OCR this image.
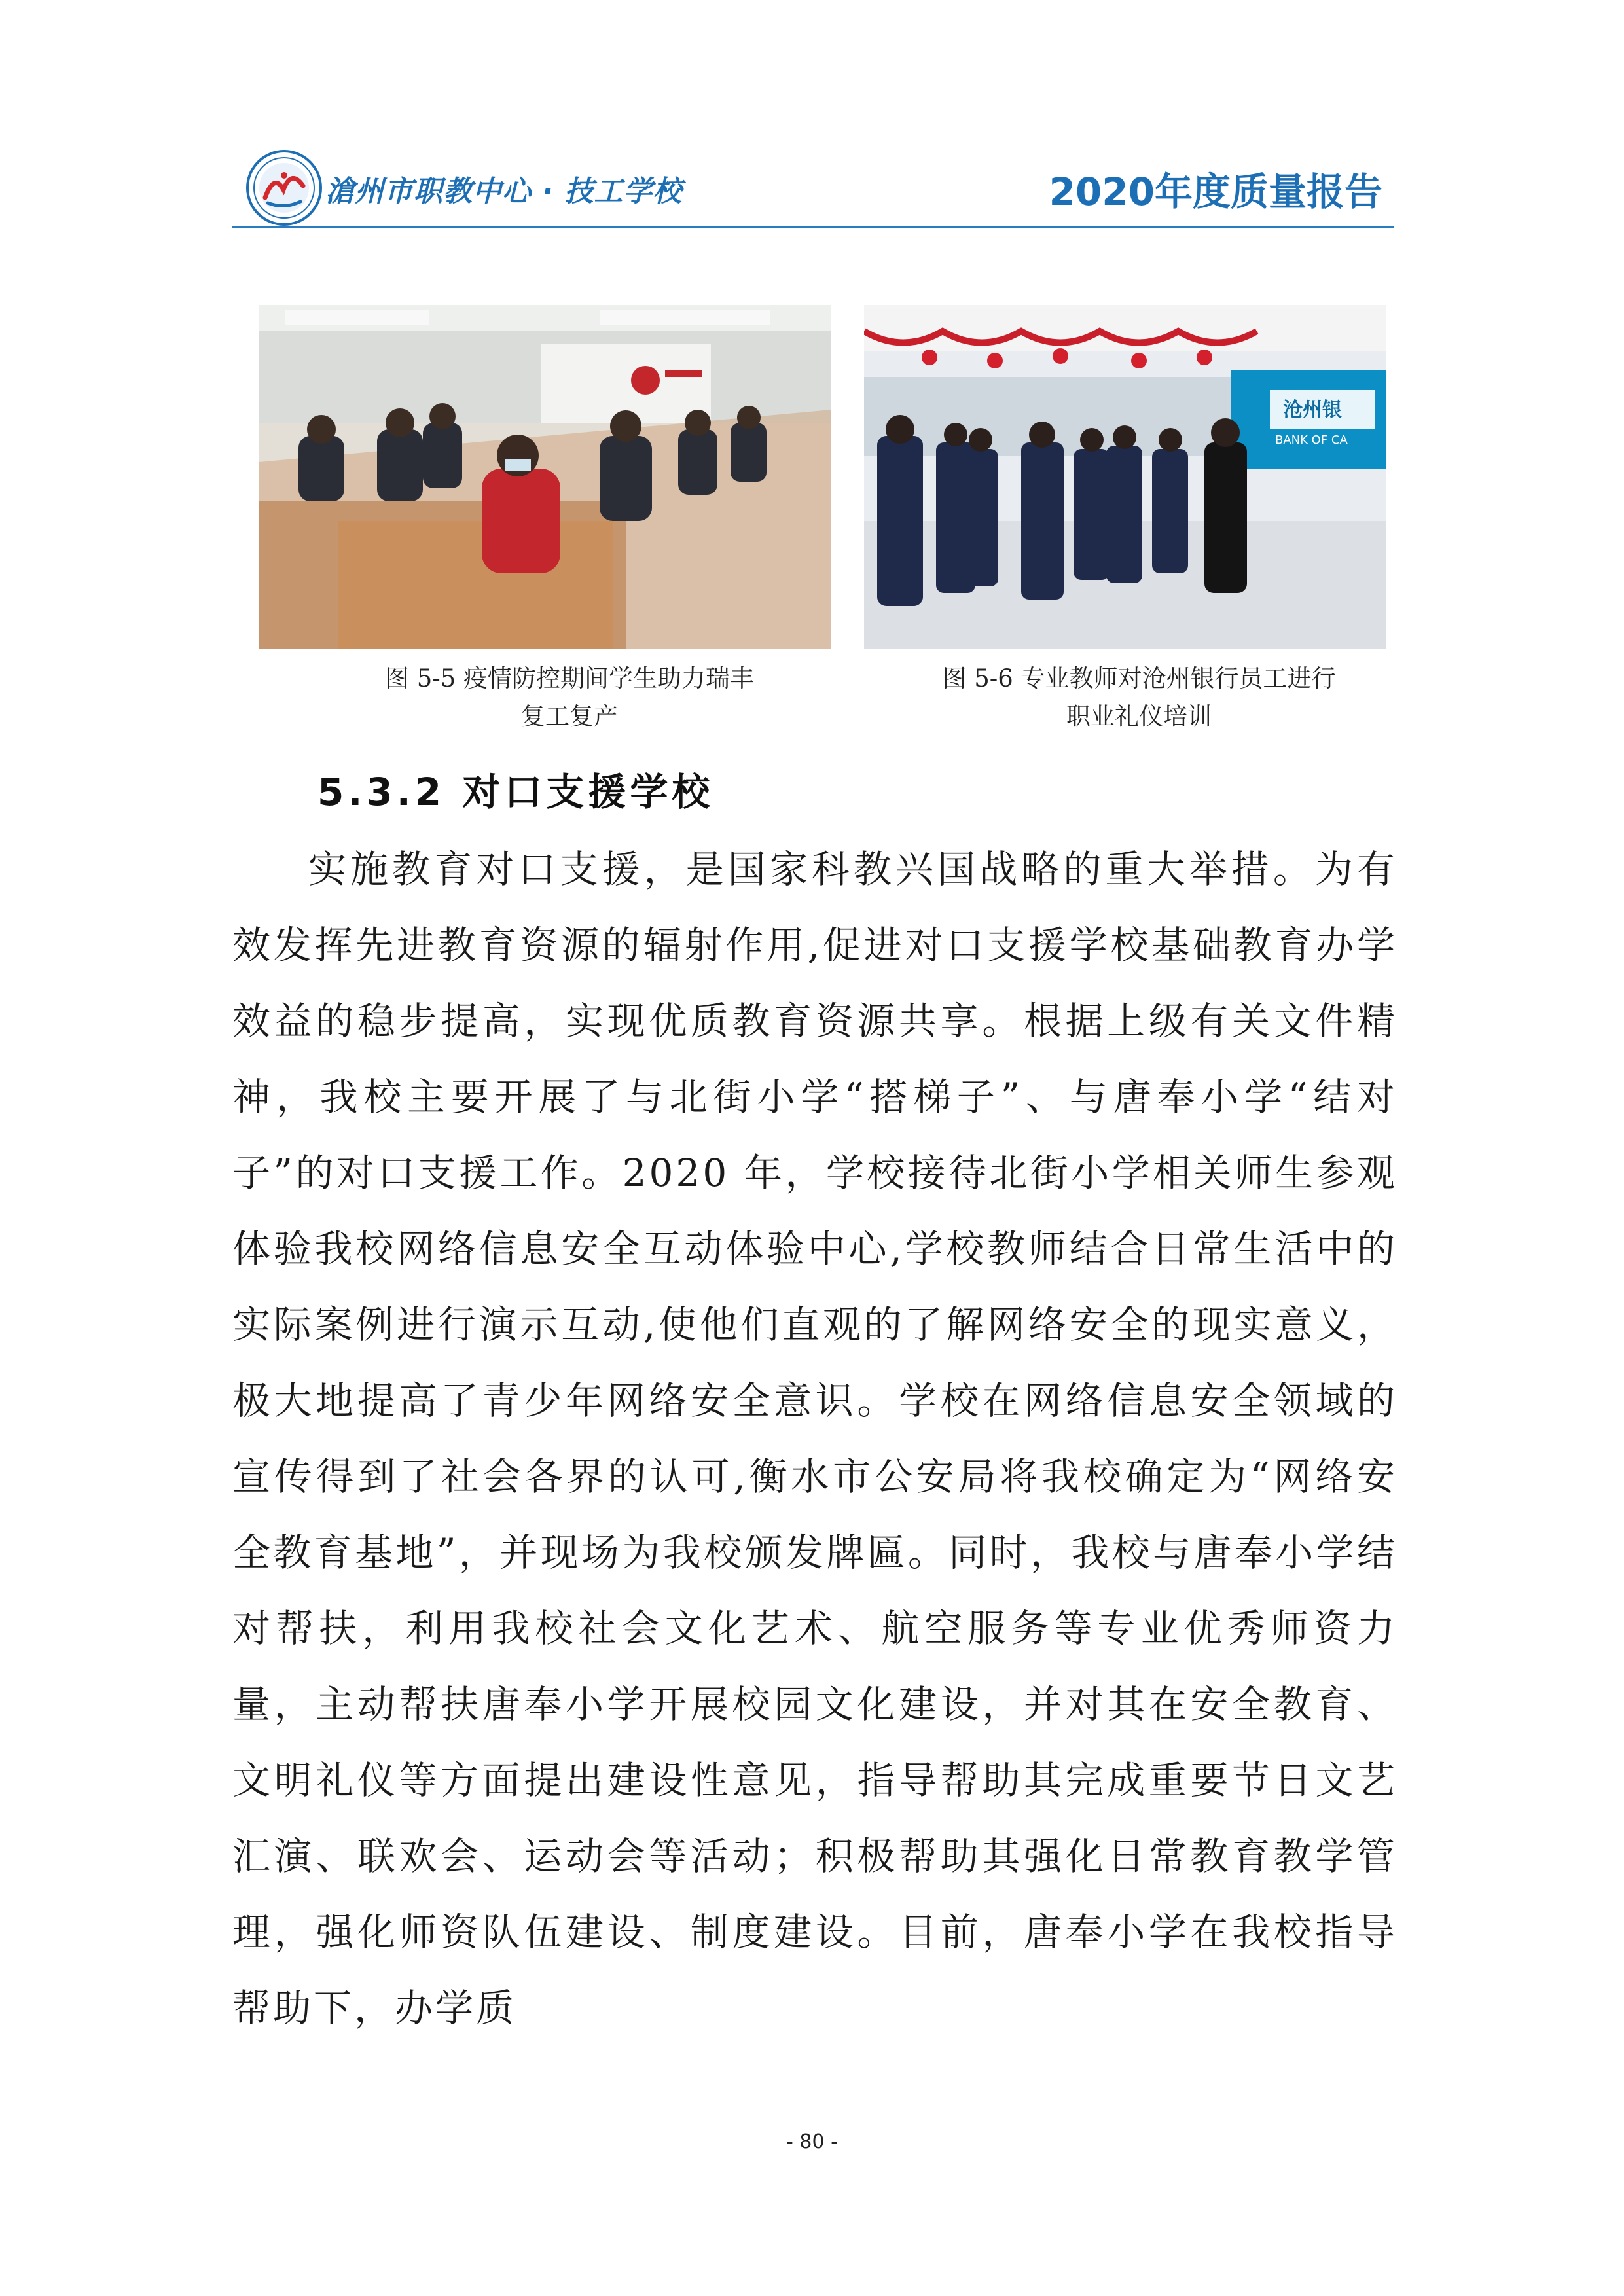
滄州市职教中心 · 技工学校	2020年度质量报告
沧州银
BANK OF CA
图 5-5 疫情防控期间学生助力瑞丰
复工复产
图 5-6 专业教师对沧州银行员工进行
职业礼仪培训
5.3.2 对口支援学校
实施教育对口支援，是国家科教兴国战略的重大举措。为有效发挥先进教育资源的辐射作用,促进对口支援学校基础教育办学效益的稳步提高，实现优质教育资源共享。根据上级有关文件精神，我校主要开展了与北街小学“搭梯子”、与唐奉小学“结对子”的对口支援工作。2020 年，学校接待北街小学相关师生参观体验我校网络信息安全互动体验中心,学校教师结合日常生活中的实际案例进行演示互动,使他们直观的了解网络安全的现实意义，极大地提高了青少年网络安全意识。学校在网络信息安全领域的宣传得到了社会各界的认可,衡水市公安局将我校确定为“网络安全教育基地”，并现场为我校颁发牌匾。同时，我校与唐奉小学结对帮扶，利用我校社会文化艺术、航空服务等专业优秀师资力量，主动帮扶唐奉小学开展校园文化建设，并对其在安全教育、文明礼仪等方面提出建设性意见，指导帮助其完成重要节日文艺汇演、联欢会、运动会等活动；积极帮助其强化日常教育教学管理，强化师资队伍建设、制度建设。目前，唐奉小学在我校指导帮助下，办学质
- 80 -
